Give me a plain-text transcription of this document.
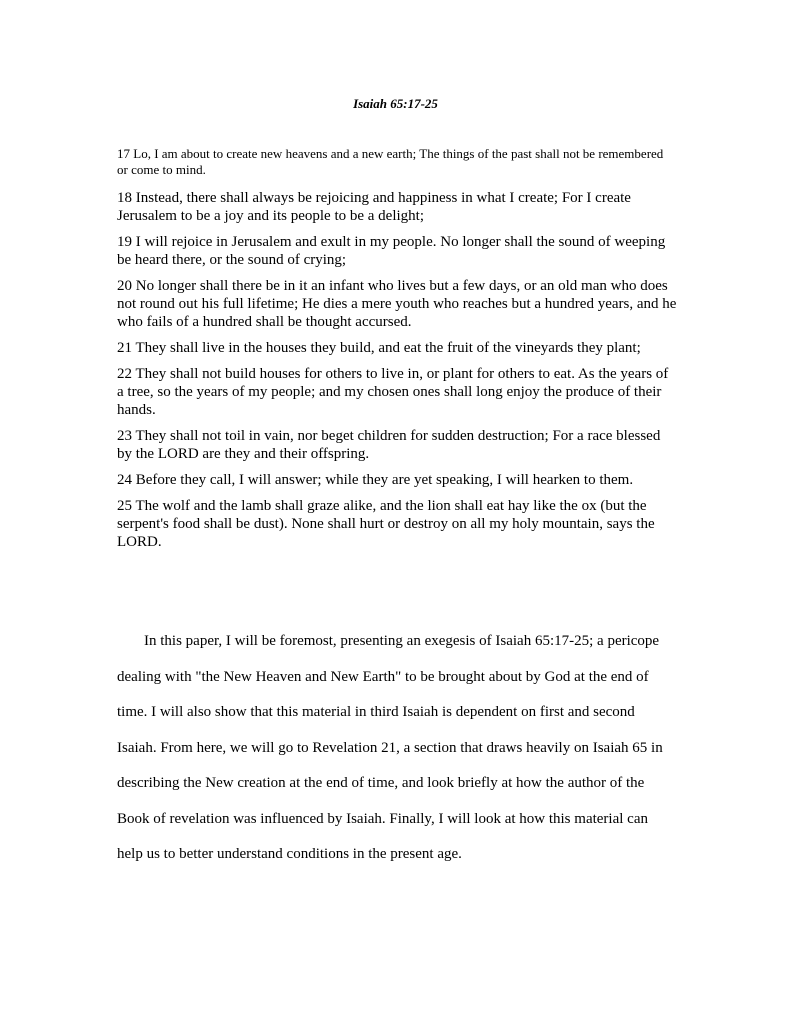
Isaiah 65:17-25

17 Lo, I am about to create new heavens and a new earth; The things of the past shall not be remembered or come to mind.

18 Instead, there shall always be rejoicing and happiness in what I create; For I create Jerusalem to be a joy and its people to be a delight;

19 I will rejoice in Jerusalem and exult in my people. No longer shall the sound of weeping be heard there, or the sound of crying;

20 No longer shall there be in it an infant who lives but a few days, or an old man who does not round out his full lifetime; He dies a mere youth who reaches but a hundred years, and he who fails of a hundred shall be thought accursed.

21 They shall live in the houses they build, and eat the fruit of the vineyards they plant;

22 They shall not build houses for others to live in, or plant for others to eat. As the years of a tree, so the years of my people; and my chosen ones shall long enjoy the produce of their hands.

23 They shall not toil in vain, nor beget children for sudden destruction; For a race blessed by the LORD are they and their offspring.

24 Before they call, I will answer; while they are yet speaking, I will hearken to them.

25 The wolf and the lamb shall graze alike, and the lion shall eat hay like the ox (but the serpent's food shall be dust). None shall hurt or destroy on all my holy mountain, says the LORD.

In this paper, I will be foremost, presenting an exegesis of Isaiah 65:17-25; a pericope dealing with "the New Heaven and New Earth" to be brought about by God at the end of time. I will also show that this material in third Isaiah is dependent on first and second Isaiah. From here, we will go to Revelation 21, a section that draws heavily on Isaiah 65 in describing the New creation at the end of time, and look briefly at how the author of the Book of revelation was influenced by Isaiah. Finally, I will look at how this material can help us to better understand conditions in the present age.
